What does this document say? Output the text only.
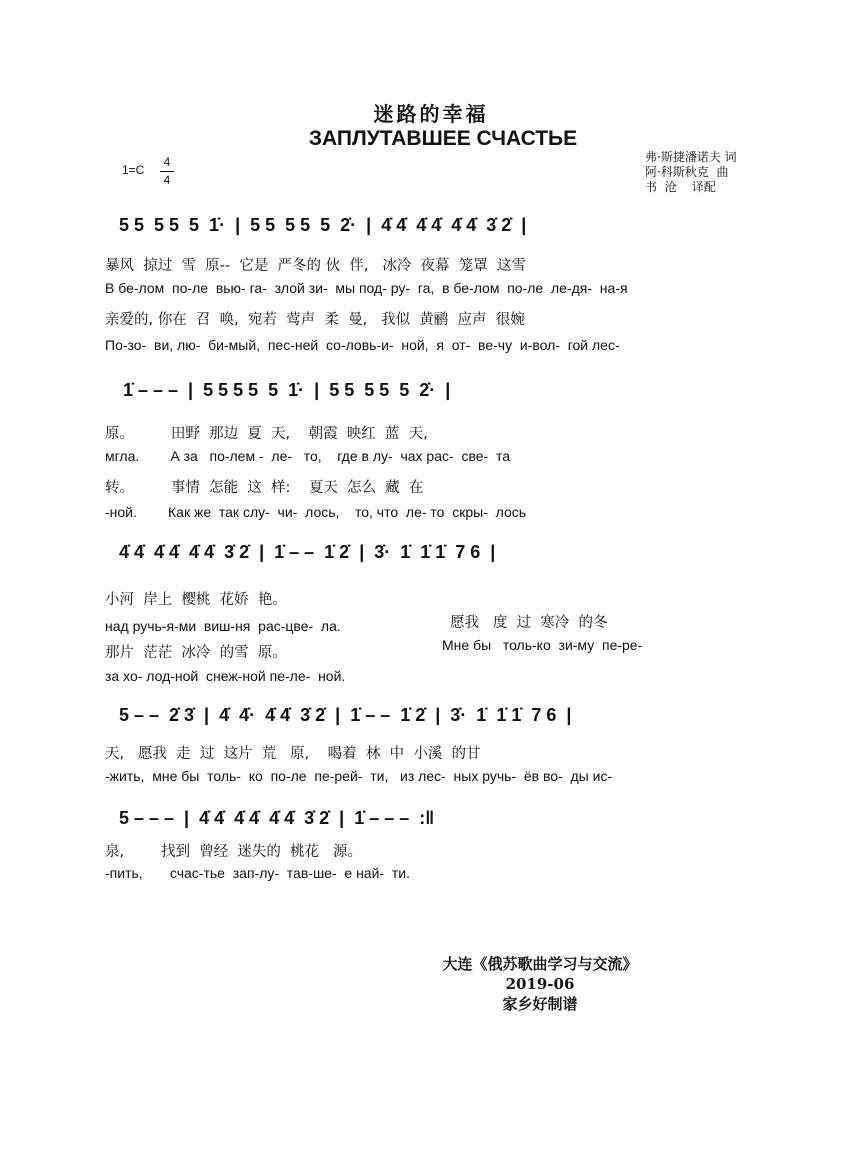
迷路的幸福
ЗАПЛУТАВШЕЕ СЧАСТЬЕ
1=C
4
4
弗·斯捷潘诺夫 词
阿·科斯秋克  曲
书  沧    译配
5 5  5 5  5  1̇·  |  5 5  5 5  5  2̇·  |  4̇ 4̇  4̇ 4̇  4̇ 4̇  3̇ 2̇  |
暴风  掠过  雪  原--  它是  严冬的 伙  伴,   冰冷  夜幕  笼罩  这雪
В бе-лом  по-ле  вью- га-  злой зи-  мы под- ру-  га,  в бе-лом  по-ле  ле-дя-  на-я
亲爱的, 你在  召  唤,  宛若  莺声  柔  曼,   我似  黄鹂  应声  很婉
По-зо-  ви, лю-  би-мый,  пес-ней  со-ловь-и-  ной,  я  от-  ве-чу  и-вол-  гой лес-
1̇ – – –  |  5 5 5 5  5  1̇·  |  5 5  5 5  5  2̇·  |
原。        田野  那边  夏  天,    朝霞  映红  蓝  天,
мгла.        А за   по-лем -  ле-   то,    где в лу-  чах рас-  све-  та
转。        事情  怎能  这  样:    夏天  怎么  藏  在
-ной.        Как же  так слу-  чи-  лось,    то, что  ле- то  скры-  лось
4̇ 4̇  4̇ 4̇  4̇ 4̇  3̇ 2̇  |  1̇ – –  1̇ 2̇  |  3̇·  1̇  1̇ 1̇  7 6  |
小河  岸上  樱桃  花娇  艳。
над ручь-я-ми  виш-ня  рас-цве-  ла.
那片  茫茫  冰冷  的雪  原。
за хо- лод-ной  снеж-ной пе-ле-  ной.
愿我   度  过  寒冷  的冬
Мне бы   толь-ко  зи-му  пе-ре-
5 – –  2̇ 3̇  |  4̇  4̇·  4̇ 4̇  3̇ 2̇  |  1̇ – –  1̇ 2̇  |  3̇·  1̇  1̇ 1̇  7 6  |
天,   愿我  走  过  这片  荒   原,    喝着  林  中  小溪  的甘
-жить,  мне бы  толь-  ко  по-ле  пе-рей-  ти,   из лес-  ных ручь-  ёв во-  ды ис-
5 – – –  |  4̇ 4̇  4̇ 4̇  4̇ 4̇  3̇ 2̇  |  1̇ – – –  :‖
泉,        找到  曾经  迷失的  桃花   源。
-пить,       счас-тье  зап-лу-  тав-ше-  е най-  ти.
大连《俄苏歌曲学习与交流》
2019-06
家乡好制谱
